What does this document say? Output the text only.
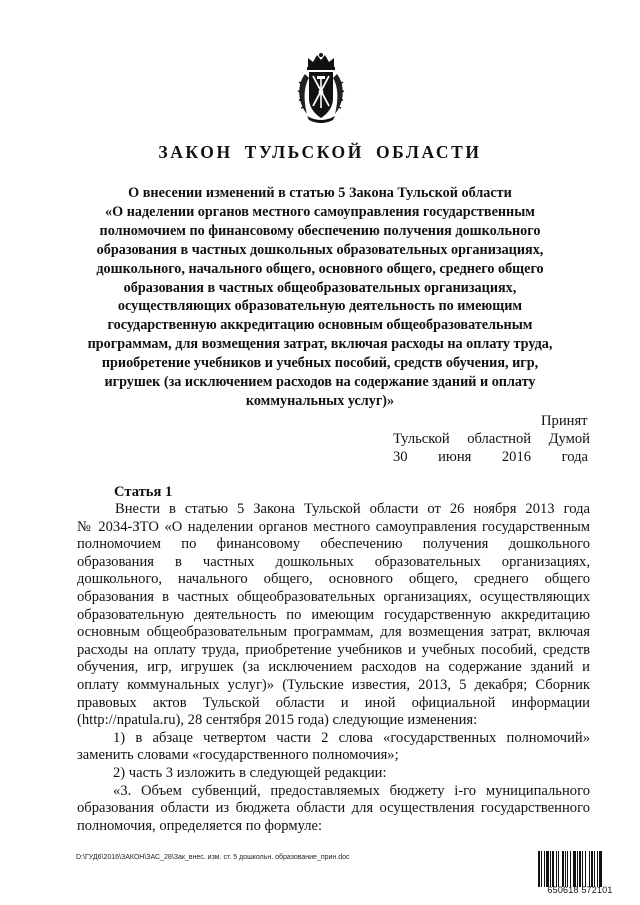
ЗАКОН ТУЛЬСКОЙ ОБЛАСТИ
О внесении изменений в статью 5 Закона Тульской области
«О наделении органов местного самоуправления государственным
полномочием по финансовому обеспечению получения дошкольного
образования в частных дошкольных образовательных организациях,
дошкольного, начального общего, основного общего, среднего общего
образования в частных общеобразовательных организациях,
осуществляющих образовательную деятельность по имеющим
государственную аккредитацию основным общеобразовательным
программам, для возмещения затрат, включая расходы на оплату труда,
приобретение учебников и учебных пособий, средств обучения, игр,
игрушек (за исключением расходов на содержание зданий и оплату
коммунальных услуг)»
Принят
Тульской областной Думой
30 июня 2016 года
Статья 1
Внести в статью 5 Закона Тульской области от 26 ноября 2013 года
№ 2034-ЗТО «О наделении органов местного самоуправления государственным
полномочием по финансовому обеспечению получения дошкольного
образования в частных дошкольных образовательных организациях,
дошкольного, начального общего, основного общего, среднего общего
образования в частных общеобразовательных организациях, осуществляющих
образовательную деятельность по имеющим государственную аккредитацию
основным общеобразовательным программам, для возмещения затрат, включая
расходы на оплату труда, приобретение учебников и учебных пособий, средств
обучения, игр, игрушек (за исключением расходов на содержание зданий и
оплату коммунальных услуг)» (Тульские известия, 2013, 5 декабря; Сборник
правовых актов Тульской области и иной официальной информации
(http://npatula.ru), 28 сентября 2015 года) следующие изменения:
1) в абзаце четвертом части 2 слова «государственных полномочий»
заменить словами «государственного полномочия»;
2) часть 3 изложить в следующей редакции:
«3. Объем субвенций, предоставляемых бюджету i-го муниципального
образования области из бюджета области для осуществления государственного
полномочия, определяется по формуле:
D:\ГУД6\2016\ЗАКОН\ЗАС_28\Зак_внес. изм. ст. 5 дошкольн. образование_прин.doc
650618 572101
